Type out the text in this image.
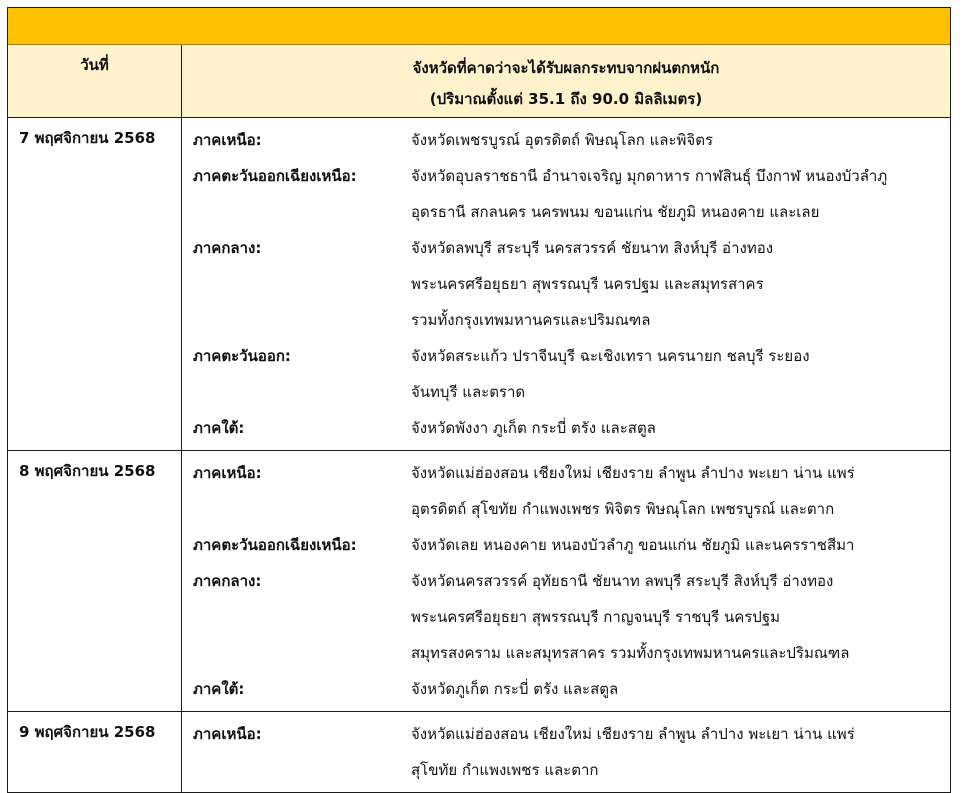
วันที่	จังหวัดที่คาดว่าจะได้รับผลกระทบจากฝนตกหนัก
(ปริมาณตั้งแต่ 35.1 ถึง 90.0 มิลลิเมตร)
7 พฤศจิกายน 2568	ภาคเหนือ:	จังหวัดเพชรบูรณ์ อุตรดิตถ์ พิษณุโลก และพิจิตร
ภาคตะวันออกเฉียงเหนือ:	จังหวัดอุบลราชธานี อำนาจเจริญ มุกดาหาร กาฬสินธุ์ บึงกาฬ หนองบัวลำภู
อุดรธานี สกลนคร นครพนม ขอนแก่น ชัยภูมิ หนองคาย และเลย
ภาคกลาง:	จังหวัดลพบุรี สระบุรี นครสวรรค์ ชัยนาท สิงห์บุรี อ่างทอง
พระนครศรีอยุธยา สุพรรณบุรี นครปฐม และสมุทรสาคร
รวมทั้งกรุงเทพมหานครและปริมณฑล
ภาคตะวันออก:	จังหวัดสระแก้ว ปราจีนบุรี ฉะเชิงเทรา นครนายก ชลบุรี ระยอง
จันทบุรี และตราด
ภาคใต้:	จังหวัดพังงา ภูเก็ต กระบี่ ตรัง และสตูล
8 พฤศจิกายน 2568	ภาคเหนือ:	จังหวัดแม่ฮ่องสอน เชียงใหม่ เชียงราย ลำพูน ลำปาง พะเยา น่าน แพร่
อุตรดิตถ์ สุโขทัย กำแพงเพชร พิจิตร พิษณุโลก เพชรบูรณ์ และตาก
ภาคตะวันออกเฉียงเหนือ:	จังหวัดเลย หนองคาย หนองบัวลำภู ขอนแก่น ชัยภูมิ และนครราชสีมา
ภาคกลาง:	จังหวัดนครสวรรค์ อุทัยธานี ชัยนาท ลพบุรี สระบุรี สิงห์บุรี อ่างทอง
พระนครศรีอยุธยา สุพรรณบุรี กาญจนบุรี ราชบุรี นครปฐม
สมุทรสงคราม และสมุทรสาคร รวมทั้งกรุงเทพมหานครและปริมณฑล
ภาคใต้:	จังหวัดภูเก็ต กระบี่ ตรัง และสตูล
9 พฤศจิกายน 2568	ภาคเหนือ:	จังหวัดแม่ฮ่องสอน เชียงใหม่ เชียงราย ลำพูน ลำปาง พะเยา น่าน แพร่
สุโขทัย กำแพงเพชร และตาก
